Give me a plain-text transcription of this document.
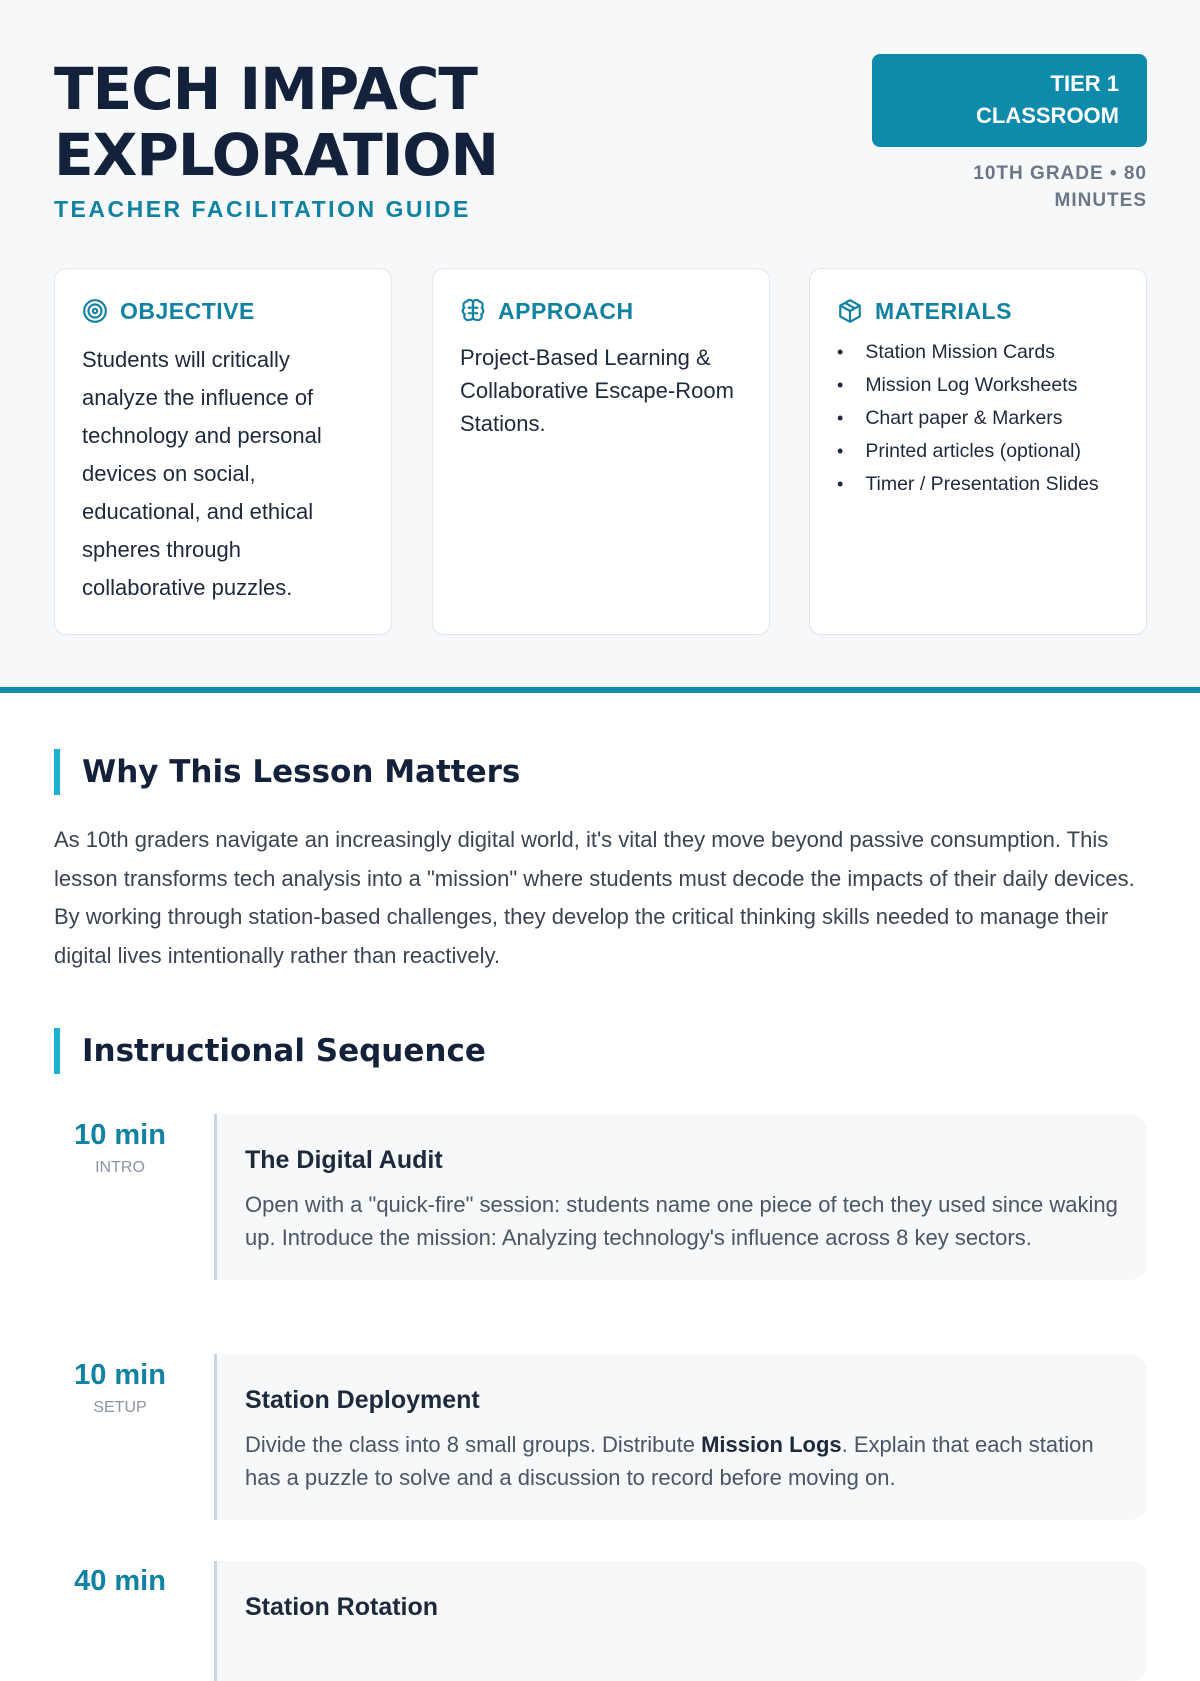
TECH IMPACT
EXPLORATION
TEACHER FACILITATION GUIDE
TIER 1
CLASSROOM
10TH GRADE • 80
MINUTES
OBJECTIVE

Students will critically analyze the influence of technology and personal devices on social, educational, and ethical spheres through collaborative puzzles.

APPROACH

Project-Based Learning & Collaborative Escape-Room Stations.

MATERIALS
• Station Mission Cards
• Mission Log Worksheets
• Chart paper & Markers
• Printed articles (optional)
• Timer / Presentation Slides
Why This Lesson Matters

As 10th graders navigate an increasingly digital world, it's vital they move beyond passive consumption. This lesson transforms tech analysis into a "mission" where students must decode the impacts of their daily devices. By working through station-based challenges, they develop the critical thinking skills needed to manage their digital lives intentionally rather than reactively.

Instructional Sequence
10 min
INTRO	The Digital Audit

Open with a "quick-fire" session: students name one piece of tech they used since waking up. Introduce the mission: Analyzing technology's influence across 8 key sectors.

10 min
SETUP	Station Deployment

Divide the class into 8 small groups. Distribute Mission Logs. Explain that each station has a puzzle to solve and a discussion to record before moving on.

40 min
Station Rotation
